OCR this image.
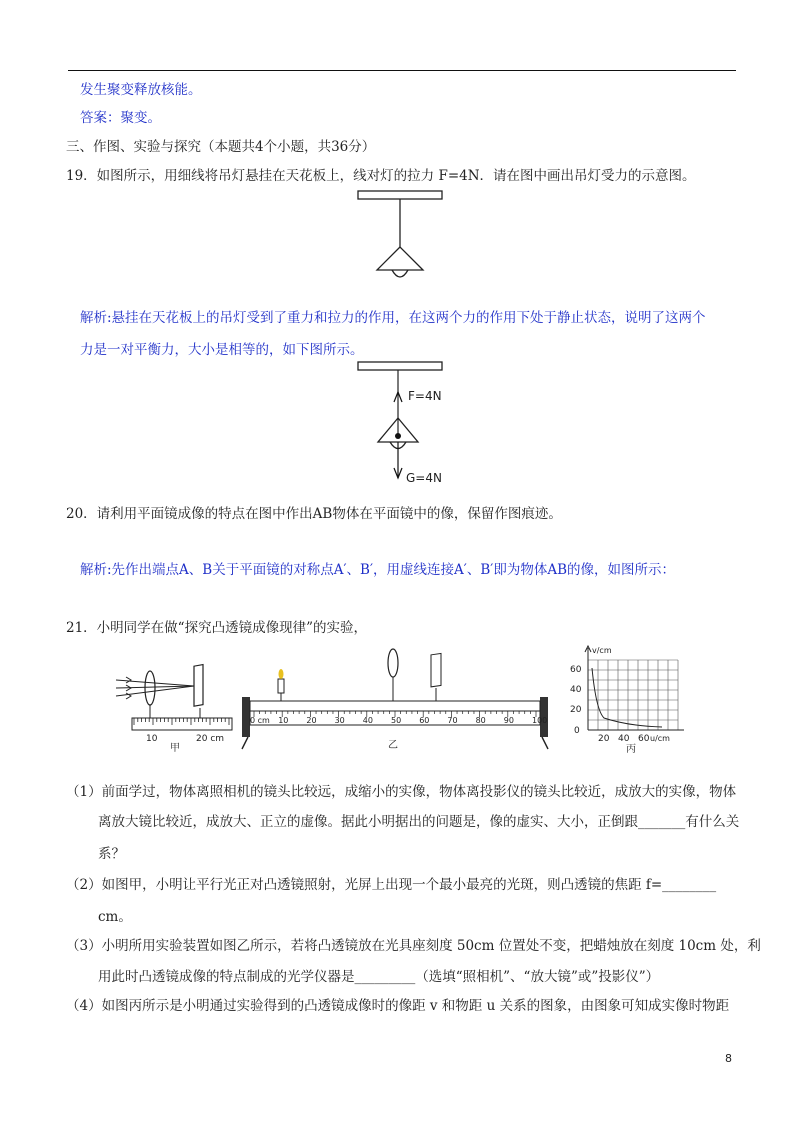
发生聚变释放核能。
答案：聚变。
三、作图、实验与探究（本题共4个小题，共36分）
19．如图所示，用细线将吊灯悬挂在天花板上，线对灯的拉力 F=4N．请在图中画出吊灯受力的示意图。
解析:悬挂在天花板上的吊灯受到了重力和拉力的作用，在这两个力的作用下处于静止状态，说明了这两个
力是一对平衡力，大小是相等的，如下图所示。
F=4N
G=4N
20．请利用平面镜成像的特点在图中作出AB物体在平面镜中的像，保留作图痕迹。
解析:先作出端点A、B关于平面镜的对称点A′、B′，用虚线连接A′、B′即为物体AB的像，如图所示：
21．小明同学在做“探究凸透镜成像现律”的实验，
10	20 cm
甲
0 cm 10 20 30 40 50 60 70 80 90 100
乙
v/cm
u/cm
60
40
20
0
20 40 60
丙
（1）前面学过，物体离照相机的镜头比较远，成缩小的实像，物体离投影仪的镜头比较近，成放大的实像，物体
离放大镜比较近，成放大、正立的虚像。据此小明据出的问题是，像的虚实、大小，正倒跟_______有什么关
系？
（2）如图甲，小明让平行光正对凸透镜照射，光屏上出现一个最小最亮的光斑，则凸透镜的焦距 f=________
cm。
（3）小明所用实验装置如图乙所示，若将凸透镜放在光具座刻度 50cm 位置处不变，把蜡烛放在刻度 10cm 处，利
用此时凸透镜成像的特点制成的光学仪器是_________（选填“照相机”、“放大镜”或”投影仪”）
（4）如图丙所示是小明通过实验得到的凸透镜成像时的像距 v 和物距 u 关系的图象，由图象可知成实像时物距
8
